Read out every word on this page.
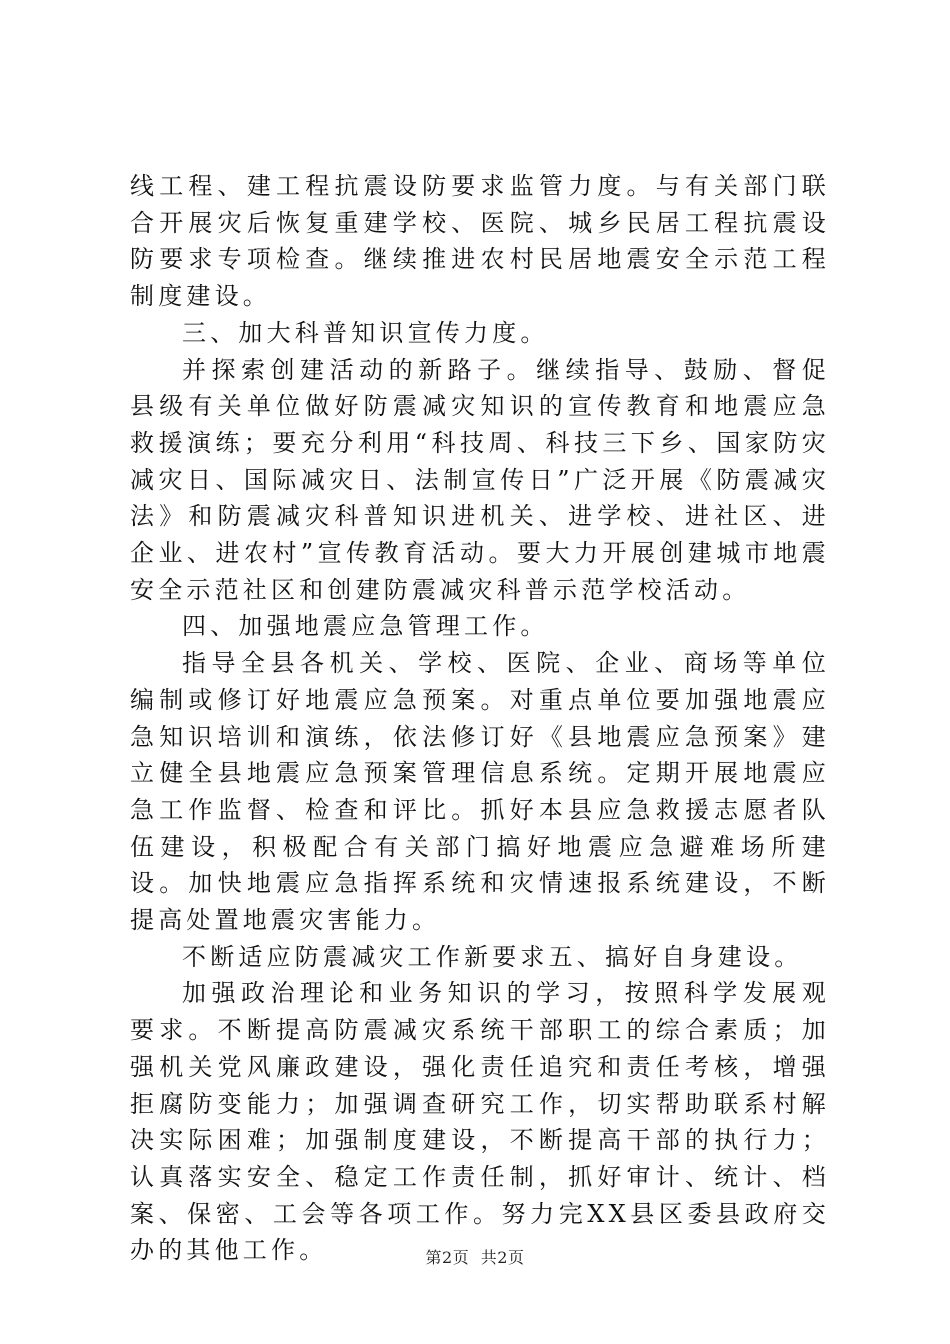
线工程、建工程抗震设防要求监管力度。与有关部门联合开展灾后恢复重建学校、医院、城乡民居工程抗震设防要求专项检查。继续推进农村民居地震安全示范工程制度建设。

三、加大科普知识宣传力度。

并探索创建活动的新路子。继续指导、鼓励、督促县级有关单位做好防震减灾知识的宣传教育和地震应急救援演练；要充分利用“科技周、科技三下乡、国家防灾减灾日、国际减灾日、法制宣传日”广泛开展《防震减灾法》和防震减灾科普知识进机关、进学校、进社区、进企业、进农村”宣传教育活动。要大力开展创建城市地震安全示范社区和创建防震减灾科普示范学校活动。

四、加强地震应急管理工作。

指导全县各机关、学校、医院、企业、商场等单位编制或修订好地震应急预案。对重点单位要加强地震应急知识培训和演练，依法修订好《县地震应急预案》建立健全县地震应急预案管理信息系统。定期开展地震应急工作监督、检查和评比。抓好本县应急救援志愿者队伍建设，积极配合有关部门搞好地震应急避难场所建设。加快地震应急指挥系统和灾情速报系统建设，不断提高处置地震灾害能力。

不断适应防震减灾工作新要求五、搞好自身建设。

加强政治理论和业务知识的学习，按照科学发展观要求。不断提高防震减灾系统干部职工的综合素质；加强机关党风廉政建设，强化责任追究和责任考核，增强拒腐防变能力；加强调查研究工作，切实帮助联系村解决实际困难；加强制度建设，不断提高干部的执行力；认真落实安全、稳定工作责任制，抓好审计、统计、档案、保密、工会等各项工作。努力完XX县区委县政府交办的其他工作。	第2页 共2页
